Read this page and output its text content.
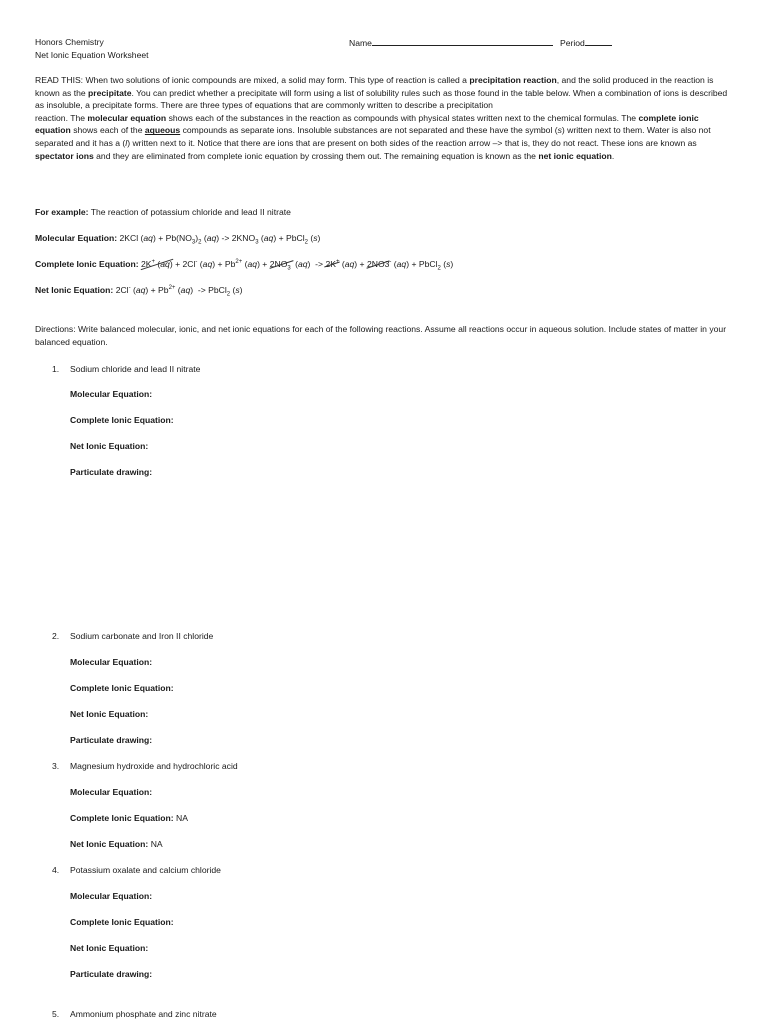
Honors Chemistry
Net Ionic Equation Worksheet
Name	Period
READ THIS: When two solutions of ionic compounds are mixed, a solid may form. This type of reaction is called a precipitation reaction, and the solid produced in the reaction is known as the precipitate. You can predict whether a precipitate will form using a list of solubility rules such as those found in the table below. When a combination of ions is described as insoluble, a precipitate forms. There are three types of equations that are commonly written to describe a precipitation
reaction. The molecular equation shows each of the substances in the reaction as compounds with physical states written next to the chemical formulas. The complete ionic equation shows each of the aqueous compounds as separate ions. Insoluble substances are not separated and these have the symbol (s) written next to them. Water is also not separated and it has a (l) written next to it. Notice that there are ions that are present on both sides of the reaction arrow –> that is, they do not react. These ions are known as spectator ions and they are eliminated from complete ionic equation by crossing them out. The remaining equation is known as the net ionic equation.
For example: The reaction of potassium chloride and lead II nitrate
Molecular Equation: 2KCl $(aq) + Pb(NO_3)_2$ $(aq) -> 2KNO_3$ (aq) + PbCl$_2$ (s)
Complete Ionic Equation: 2K+ (aq) + 2Cl- $(aq) + Pb^{2+}$ $(aq) + 2NO_3^-$ (aq)  -> 2K+ (aq) + 2NO3- (aq) + PbCl$_2$ (s)
Net Ionic Equation: 2Cl- $(aq) + Pb^{2+}$ (aq)  -> PbCl$_2$ (s)
Directions: Write balanced molecular, ionic, and net ionic equations for each of the following reactions. Assume all reactions occur in aqueous solution. Include states of matter in your balanced equation.
1.	Sodium chloride and lead II nitrate
Molecular Equation:
Complete Ionic Equation:
Net Ionic Equation:
Particulate drawing:
2.	Sodium carbonate and Iron II chloride
Molecular Equation:
Complete Ionic Equation:
Net Ionic Equation:
Particulate drawing:
3.	Magnesium hydroxide and hydrochloric acid
Molecular Equation:
Complete Ionic Equation: NA
Net Ionic Equation: NA
4.	Potassium oxalate and calcium chloride
Molecular Equation:
Complete Ionic Equation:
Net Ionic Equation:
Particulate drawing:
5.	Ammonium phosphate and zinc nitrate
